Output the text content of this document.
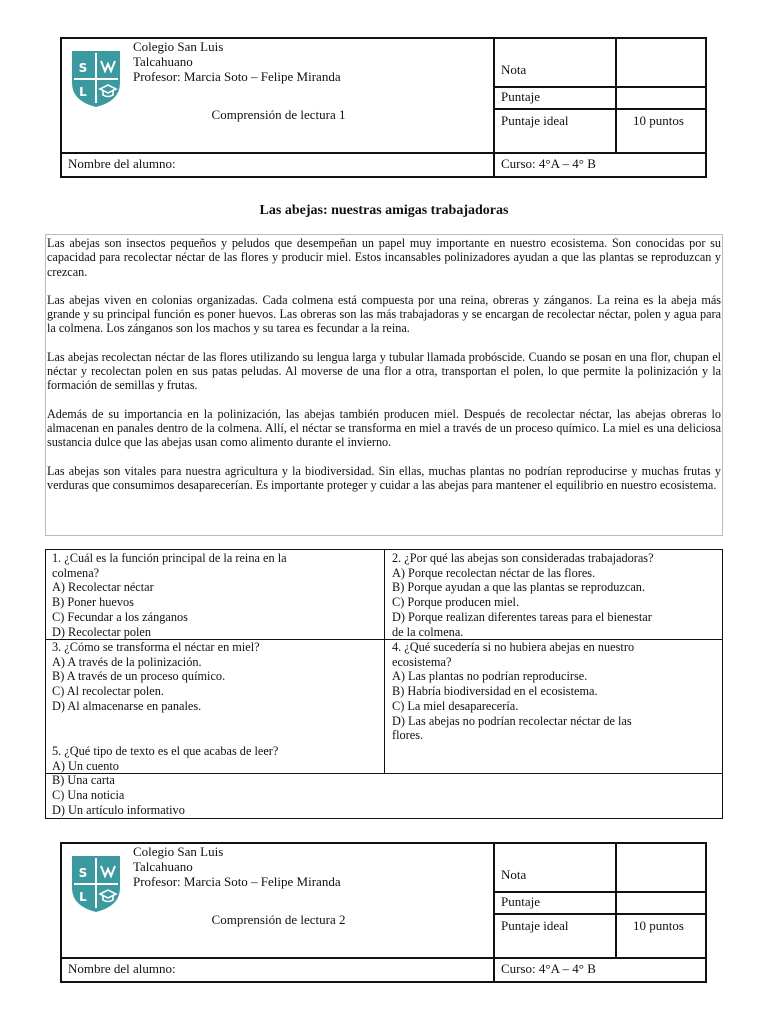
S
L
Colegio San Luis
Talcahuano
Profesor: Marcia Soto – Felipe Miranda
Comprensión de lectura 1
Nota
Puntaje
Puntaje ideal	10 puntos
Nombre del alumno:	Curso: 4°A – 4° B
Las abejas: nuestras amigas trabajadoras

Las abejas son insectos pequeños y peludos que desempeñan un papel muy importante en nuestro ecosistema. Son conocidas por su capacidad para recolectar néctar de las flores y producir miel. Estos incansables polinizadores ayudan a que las plantas se reproduzcan y crezcan.

Las abejas viven en colonias organizadas. Cada colmena está compuesta por una reina, obreras y zánganos. La reina es la abeja más grande y su principal función es poner huevos. Las obreras son las más trabajadoras y se encargan de recolectar néctar, polen y agua para la colmena. Los zánganos son los machos y su tarea es fecundar a la reina.

Las abejas recolectan néctar de las flores utilizando su lengua larga y tubular llamada probóscide. Cuando se posan en una flor, chupan el néctar y recolectan polen en sus patas peludas. Al moverse de una flor a otra, transportan el polen, lo que permite la polinización y la formación de semillas y frutas.

Además de su importancia en la polinización, las abejas también producen miel. Después de recolectar néctar, las abejas obreras lo almacenan en panales dentro de la colmena. Allí, el néctar se transforma en miel a través de un proceso químico. La miel es una deliciosa sustancia dulce que las abejas usan como alimento durante el invierno.

Las abejas son vitales para nuestra agricultura y la biodiversidad. Sin ellas, muchas plantas no podrían reproducirse y muchas frutas y verduras que consumimos desaparecerían. Es importante proteger y cuidar a las abejas para mantener el equilibrio en nuestro ecosistema.

1. ¿Cuál es la función principal de la reina en la
colmena?
A) Recolectar néctar
B) Poner huevos
C) Fecundar a los zánganos
D) Recolectar polen
2. ¿Por qué las abejas son consideradas trabajadoras?
A) Porque recolectan néctar de las flores.
B) Porque ayudan a que las plantas se reproduzcan.
C) Porque producen miel.
D) Porque realizan diferentes tareas para el bienestar
de la colmena.
3. ¿Cómo se transforma el néctar en miel?
A) A través de la polinización.
B) A través de un proceso químico.
C) Al recolectar polen.
D) Al almacenarse en panales.
4. ¿Qué sucedería si no hubiera abejas en nuestro
ecosistema?
A) Las plantas no podrían reproducirse.
B) Habría biodiversidad en el ecosistema.
C) La miel desaparecería.
D) Las abejas no podrían recolectar néctar de las
flores.
5. ¿Qué tipo de texto es el que acabas de leer?
A) Un cuento
B) Una carta
C) Una noticia
D) Un artículo informativo
S
L
Colegio San Luis
Talcahuano
Profesor: Marcia Soto – Felipe Miranda
Comprensión de lectura 2
Nota
Puntaje
Puntaje ideal	10 puntos
Nombre del alumno:	Curso: 4°A – 4° B
